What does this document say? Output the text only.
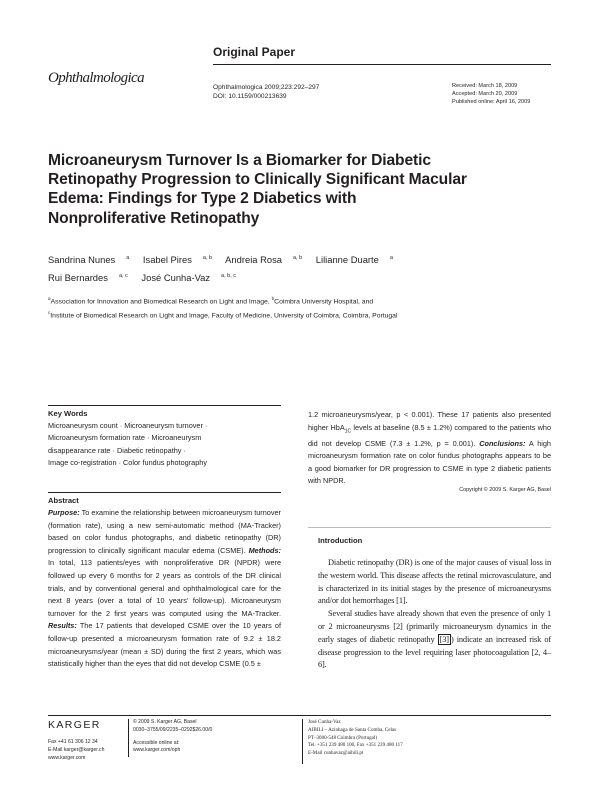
Original Paper
Ophthalmologica
Ophthalmologica 2009;223:292–297
DOI: 10.1159/000213639
Received: March 18, 2009
Accepted: March 20, 2009
Published online: April 16, 2009
Microaneurysm Turnover Is a Biomarker for Diabetic Retinopathy Progression to Clinically Significant Macular Edema: Findings for Type 2 Diabetics with Nonproliferative Retinopathy
Sandrina Nunes $^a$ Isabel Pires $^{a, b}$ Andreia Rosa $^{a, b}$ Lilianne Duarte $^a$
Rui Bernardes $^{a, c}$ José Cunha-Vaz $^{a, b, c}$
$^a$Association for Innovation and Biomedical Research on Light and Image, $^b$Coimbra University Hospital, and
$^c$Institute of Biomedical Research on Light and Image, Faculty of Medicine, University of Coimbra, Coimbra, Portugal
Key Words
Microaneurysm count · Microaneurysm turnover ·
Microaneurysm formation rate · Microaneurysm
disappearance rate · Diabetic retinopathy ·
Image co-registration · Color fundus photography
Abstract
Purpose: To examine the relationship between microaneurysm turnover (formation rate), using a new semi-automatic method (MA-Tracker) based on color fundus photographs, and diabetic retinopathy (DR) progression to clinically significant macular edema (CSME). Methods: In total, 113 patients/eyes with nonproliferative DR (NPDR) were followed up every 6 months for 2 years as controls of the DR clinical trials, and by conventional general and ophthalmological care for the next 8 years (over a total of 10 years’ follow-up). Microaneurysm turnover for the 2 first years was computed using the MA-Tracker. Results: The 17 patients that developed CSME over the 10 years of follow-up presented a microaneurysm formation rate of 9.2 ± 18.2 microaneurysms/year (mean ± SD) during the first 2 years, which was statistically higher than the eyes that did not develop CSME (0.5 ±
1.2 microaneurysms/year, p < 0.001). These 17 patients also presented higher HbA$_{1C}$ levels at baseline (8.5 ± 1.2%) compared to the patients who did not develop CSME (7.3 ± 1.2%, p = 0.001). Conclusions: A high microaneurysm formation rate on color fundus photographs appears to be a good biomarker for DR progression to CSME in type 2 diabetic patients with NPDR.
Copyright © 2009 S. Karger AG, Basel
Introduction

Diabetic retinopathy (DR) is one of the major causes of visual loss in the western world. This disease affects the retinal microvasculature, and is characterized in its initial stages by the presence of microaneurysms and/or dot hemorrhages [1].

Several studies have already shown that even the presence of only 1 or 2 microaneurysms [2] (primarily microaneurysm dynamics in the early stages of diabetic retinopathy [3] ) indicate an increased risk of disease progression to the level requiring laser photocoagulation [2, 4–6].

KARGER
Fax +41 61 306 12 34
E-Mail karger@karger.ch
www.karger.com
© 2009 S. Karger AG, Basel
0030–3755/09/2235–0292$26.00/0
Accessible online at:
www.karger.com/oph
José Cunha-Vaz
AIBILI – Azinhaga de Santa Comba, Celas
PT–3000-548 Coimbra (Portugal)
Tel. +351 239 480 100, Fax +351 239 480 117
E-Mail cunhavaz@aibili.pt
